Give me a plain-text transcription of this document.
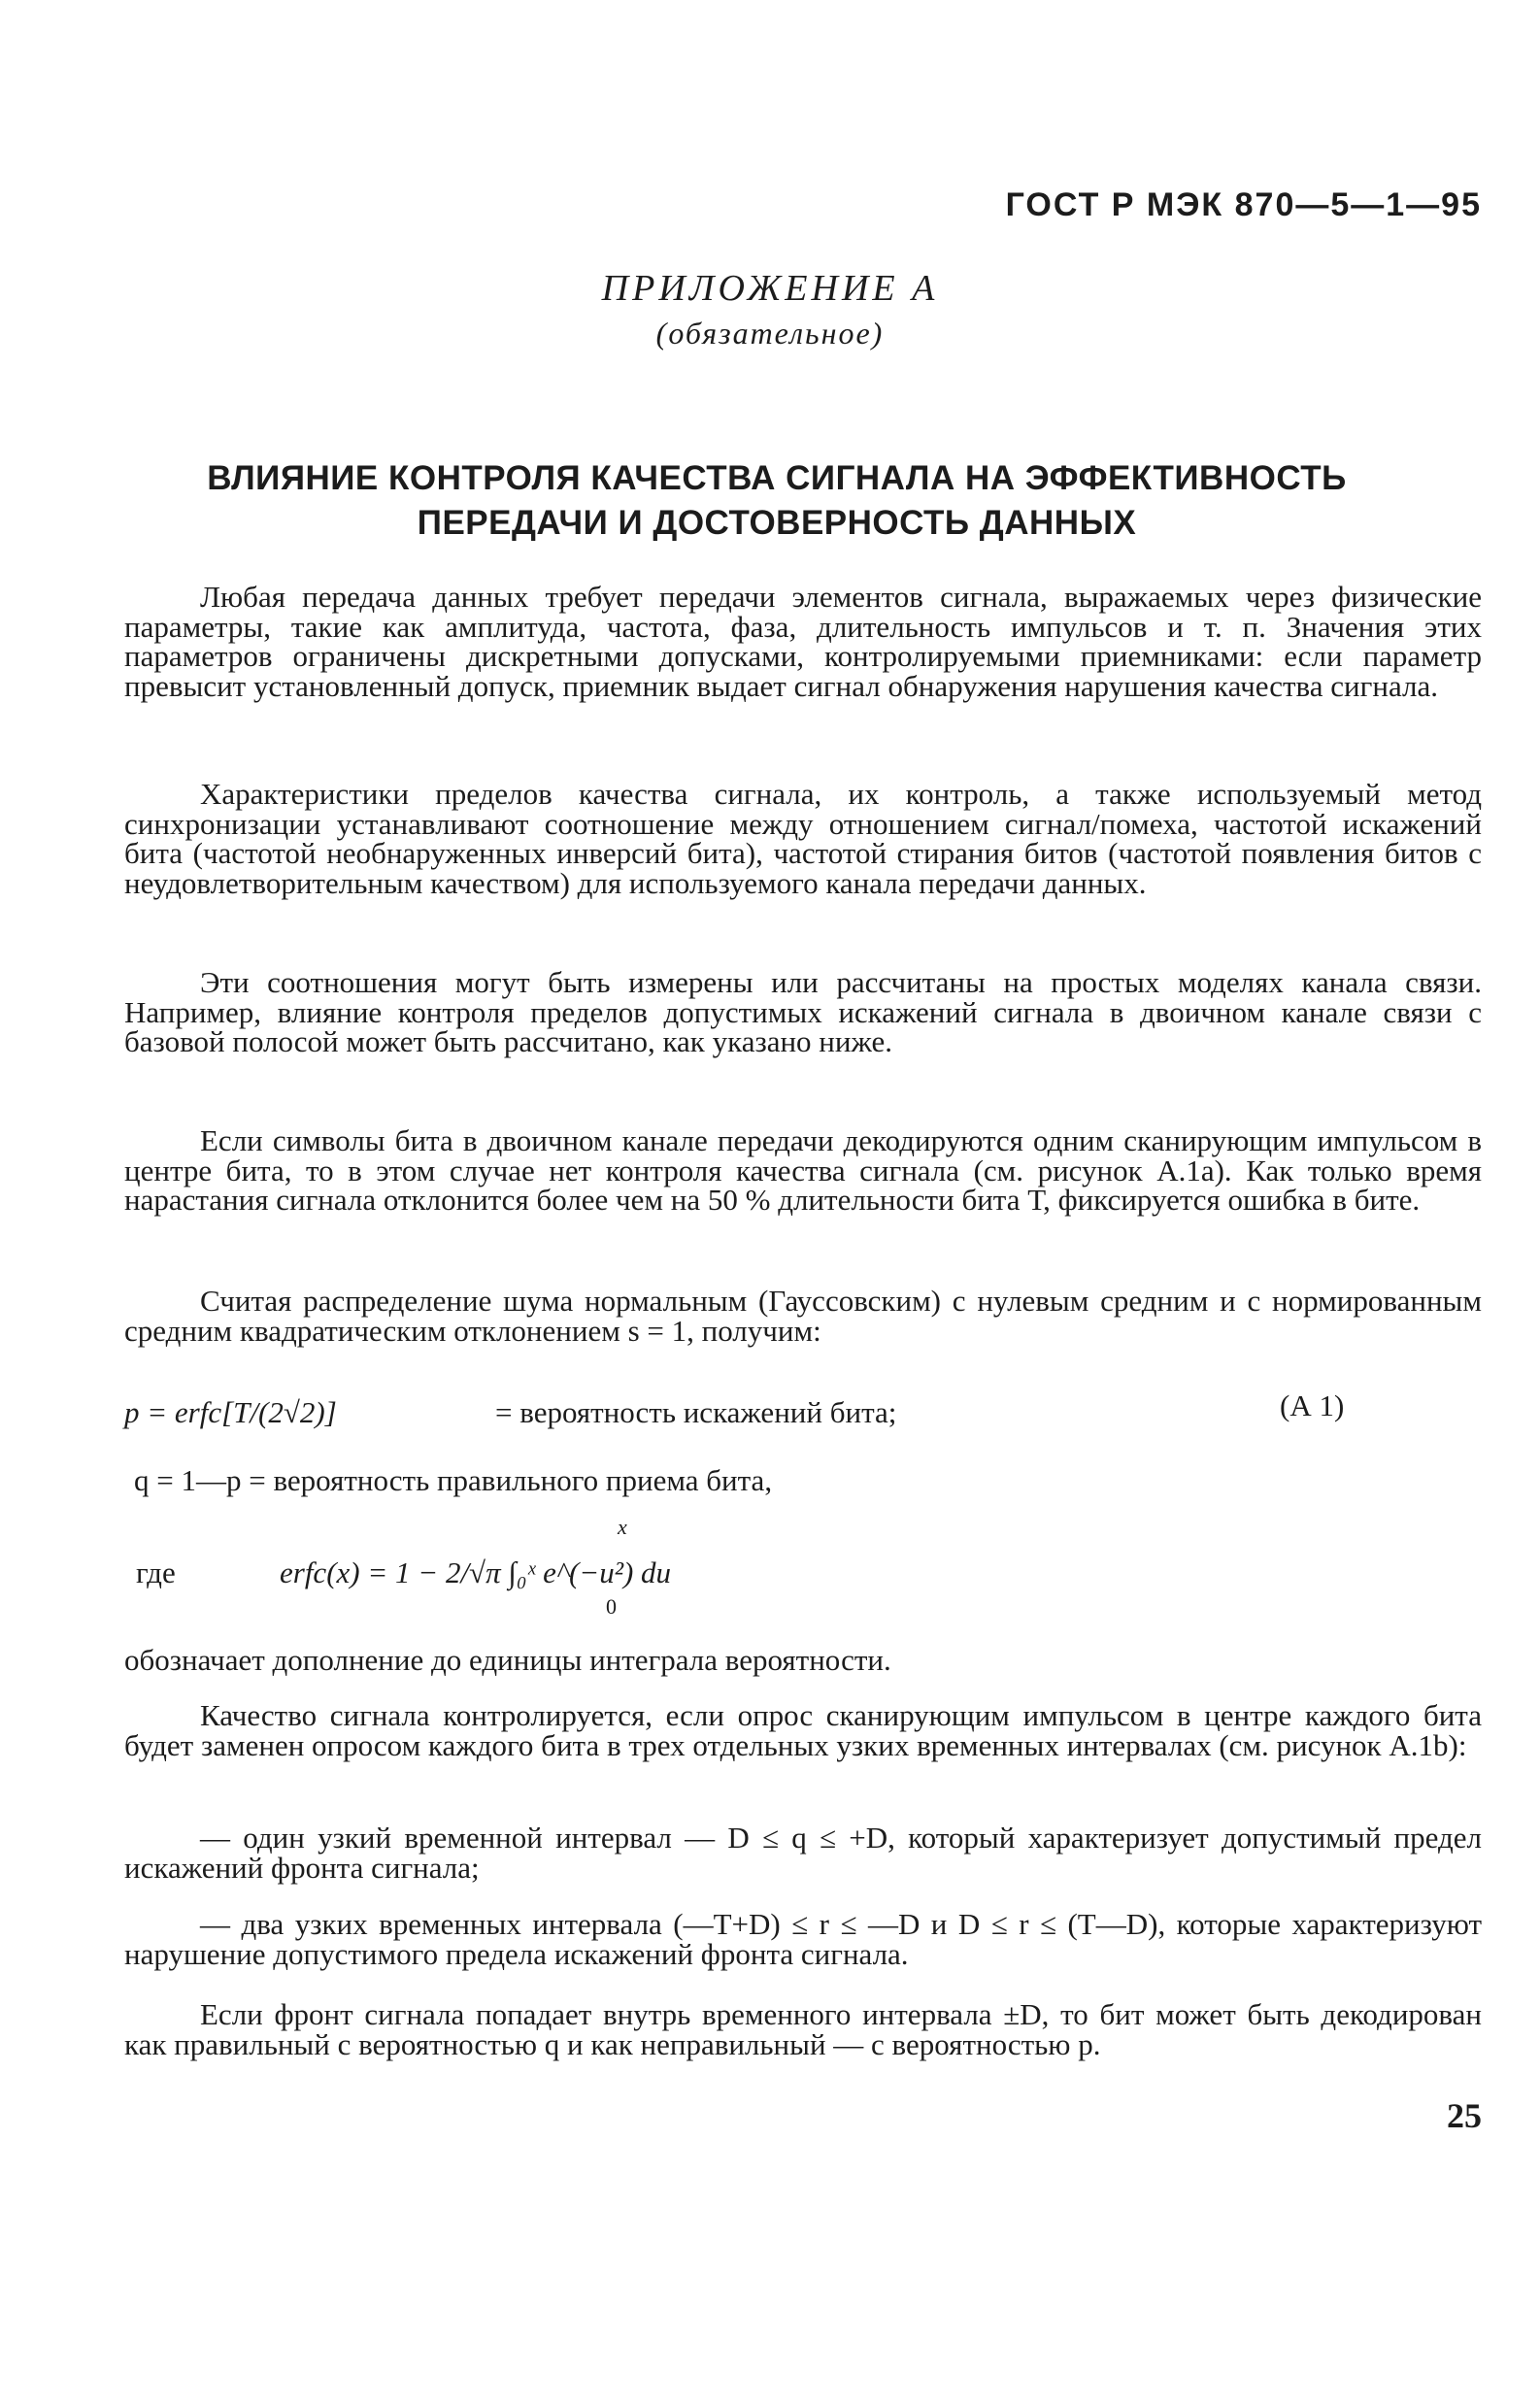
ГОСТ Р МЭК 870—5—1—95
ПРИЛОЖЕНИЕ А
(обязательное)
ВЛИЯНИЕ КОНТРОЛЯ КАЧЕСТВА СИГНАЛА НА ЭФФЕКТИВНОСТЬ
ПЕРЕДАЧИ И ДОСТОВЕРНОСТЬ ДАННЫХ

Любая передача данных требует передачи элементов сигнала, выражаемых через физические параметры, такие как амплитуда, частота, фаза, длительность импульсов и т. п. Значения этих параметров ограничены дискретными допусками, контролируемыми приемниками: если параметр превысит установленный допуск, приемник выдает сигнал обнаружения нарушения качества сигнала.

Характеристики пределов качества сигнала, их контроль, а также используемый метод синхронизации устанавливают соотношение между отношением сигнал/помеха, частотой искажений бита (частотой необнаруженных инверсий бита), частотой стирания битов (частотой появления битов с неудовлетворительным качеством) для используемого канала передачи данных.

Эти соотношения могут быть измерены или рассчитаны на простых моделях канала связи. Например, влияние контроля пределов допустимых искажений сигнала в двоичном канале связи с базовой полосой может быть рассчитано, как указано ниже.

Если символы бита в двоичном канале передачи декодируются одним сканирующим импульсом в центре бита, то в этом случае нет контроля качества сигнала (см. рисунок А.1а). Как только время нарастания сигнала отклонится более чем на 50 % длительности бита Т, фиксируется ошибка в бите.

Считая распределение шума нормальным (Гауссовским) с нулевым средним и с нормированным средним квадратическим отклонением s = 1, получим:

p = erfc[T/(2√2)]	= вероятность искажений бита;	(А 1)
q = 1—p = вероятность правильного приема бита,
где	erfc(x) = 1 − 2/√π ∫₀ˣ e^(−u²) du
x
0

обозначает дополнение до единицы интеграла вероятности.

Качество сигнала контролируется, если опрос сканирующим импульсом в центре каждого бита будет заменен опросом каждого бита в трех отдельных узких временных интервалах (см. рисунок А.1b):

— один узкий временной интервал — D ≤ q ≤ +D, который характеризует допустимый предел искажений фронта сигнала;

— два узких временных интервала (—T+D) ≤ r ≤ —D и D ≤ r ≤ (T—D), которые характеризуют нарушение допустимого предела искажений фронта сигнала.

Если фронт сигнала попадает внутрь временного интервала ±D, то бит может быть декодирован как правильный с вероятностью q и как неправильный — с вероятностью p.

25
